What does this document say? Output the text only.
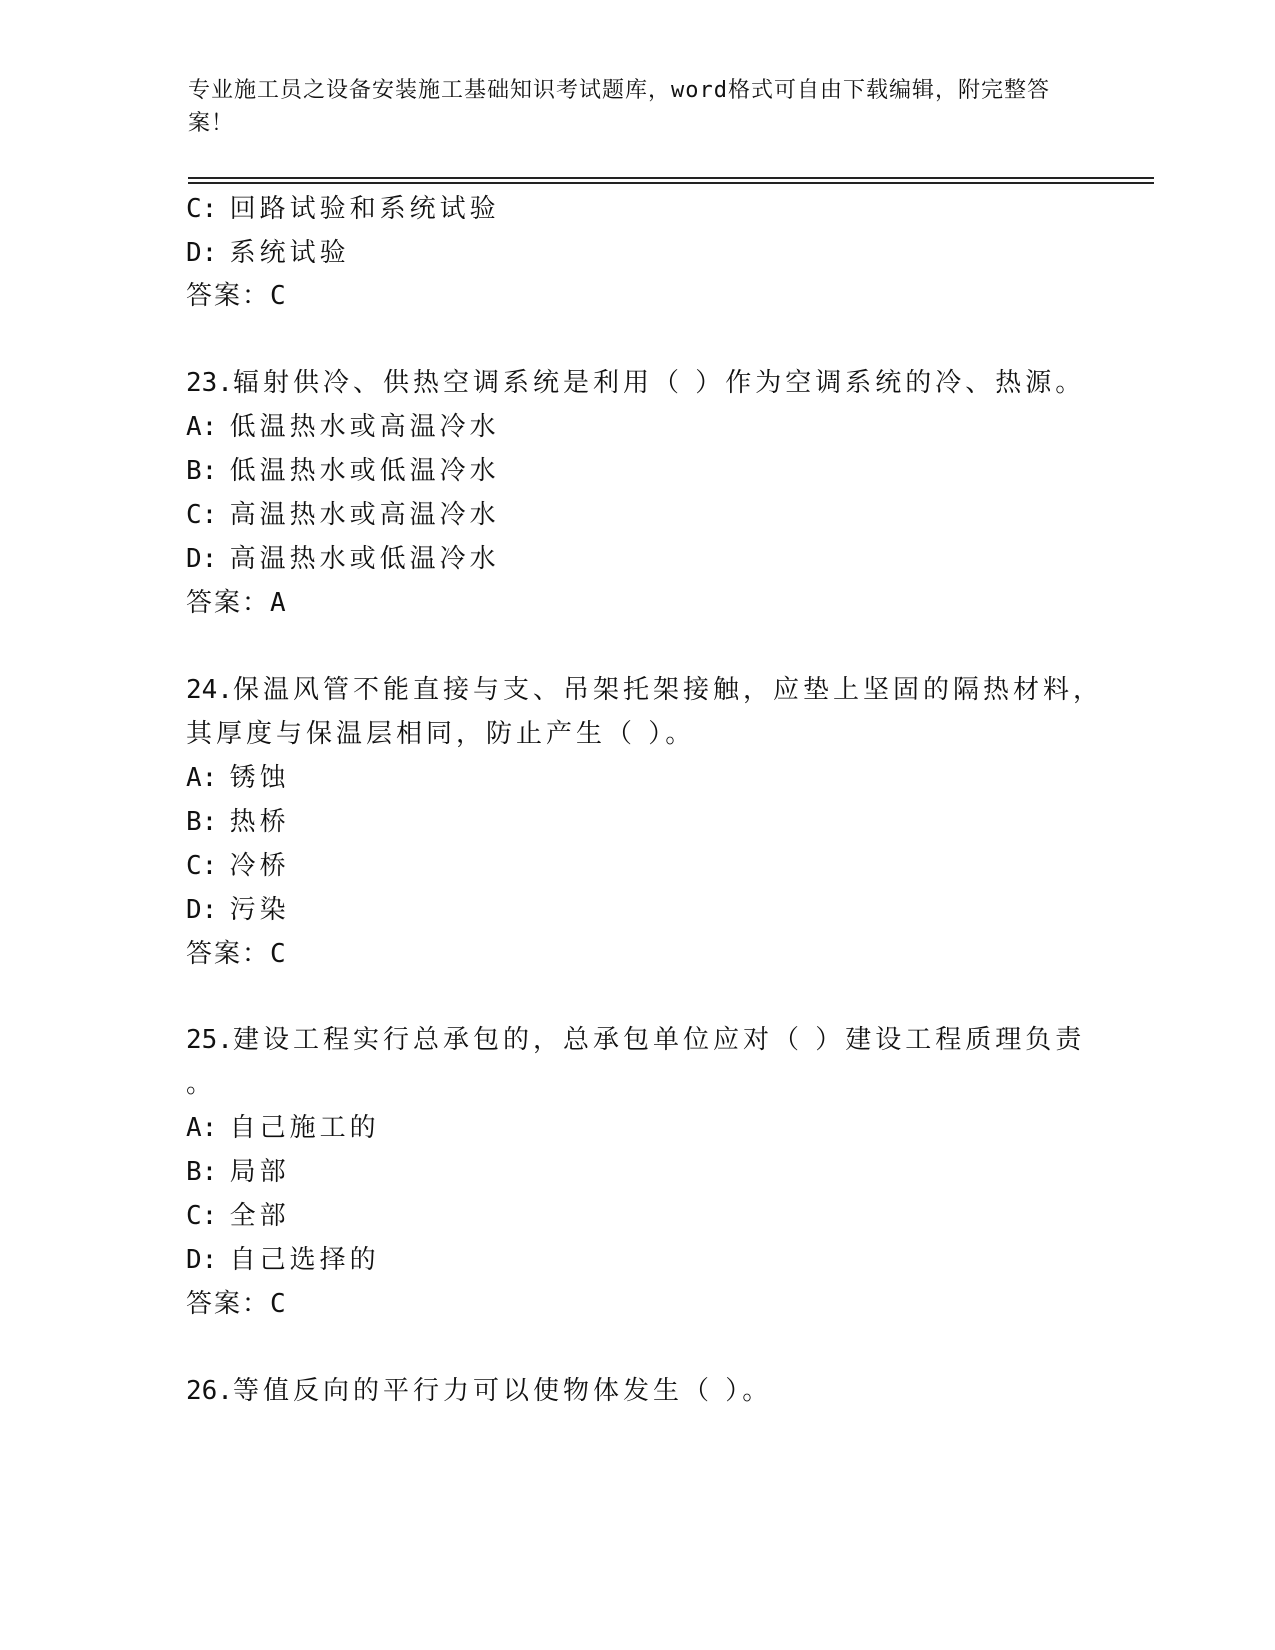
专业施工员之设备安装施工基础知识考试题库，word格式可自由下载编辑，附完整答案！
C: 回路试验和系统试验
D: 系统试验
答案：C
23.辐射供冷、供热空调系统是利用（ ）作为空调系统的冷、热源。
A: 低温热水或高温冷水
B: 低温热水或低温冷水
C: 高温热水或高温冷水
D: 高温热水或低温冷水
答案：A
24.保温风管不能直接与支、吊架托架接触，应垫上坚固的隔热材料，
其厚度与保温层相同，防止产生（ ）。
A: 锈蚀
B: 热桥
C: 冷桥
D: 污染
答案：C
25.建设工程实行总承包的，总承包单位应对（ ）建设工程质理负责
。
A: 自己施工的
B: 局部
C: 全部
D: 自己选择的
答案：C
26.等值反向的平行力可以使物体发生（ ）。
